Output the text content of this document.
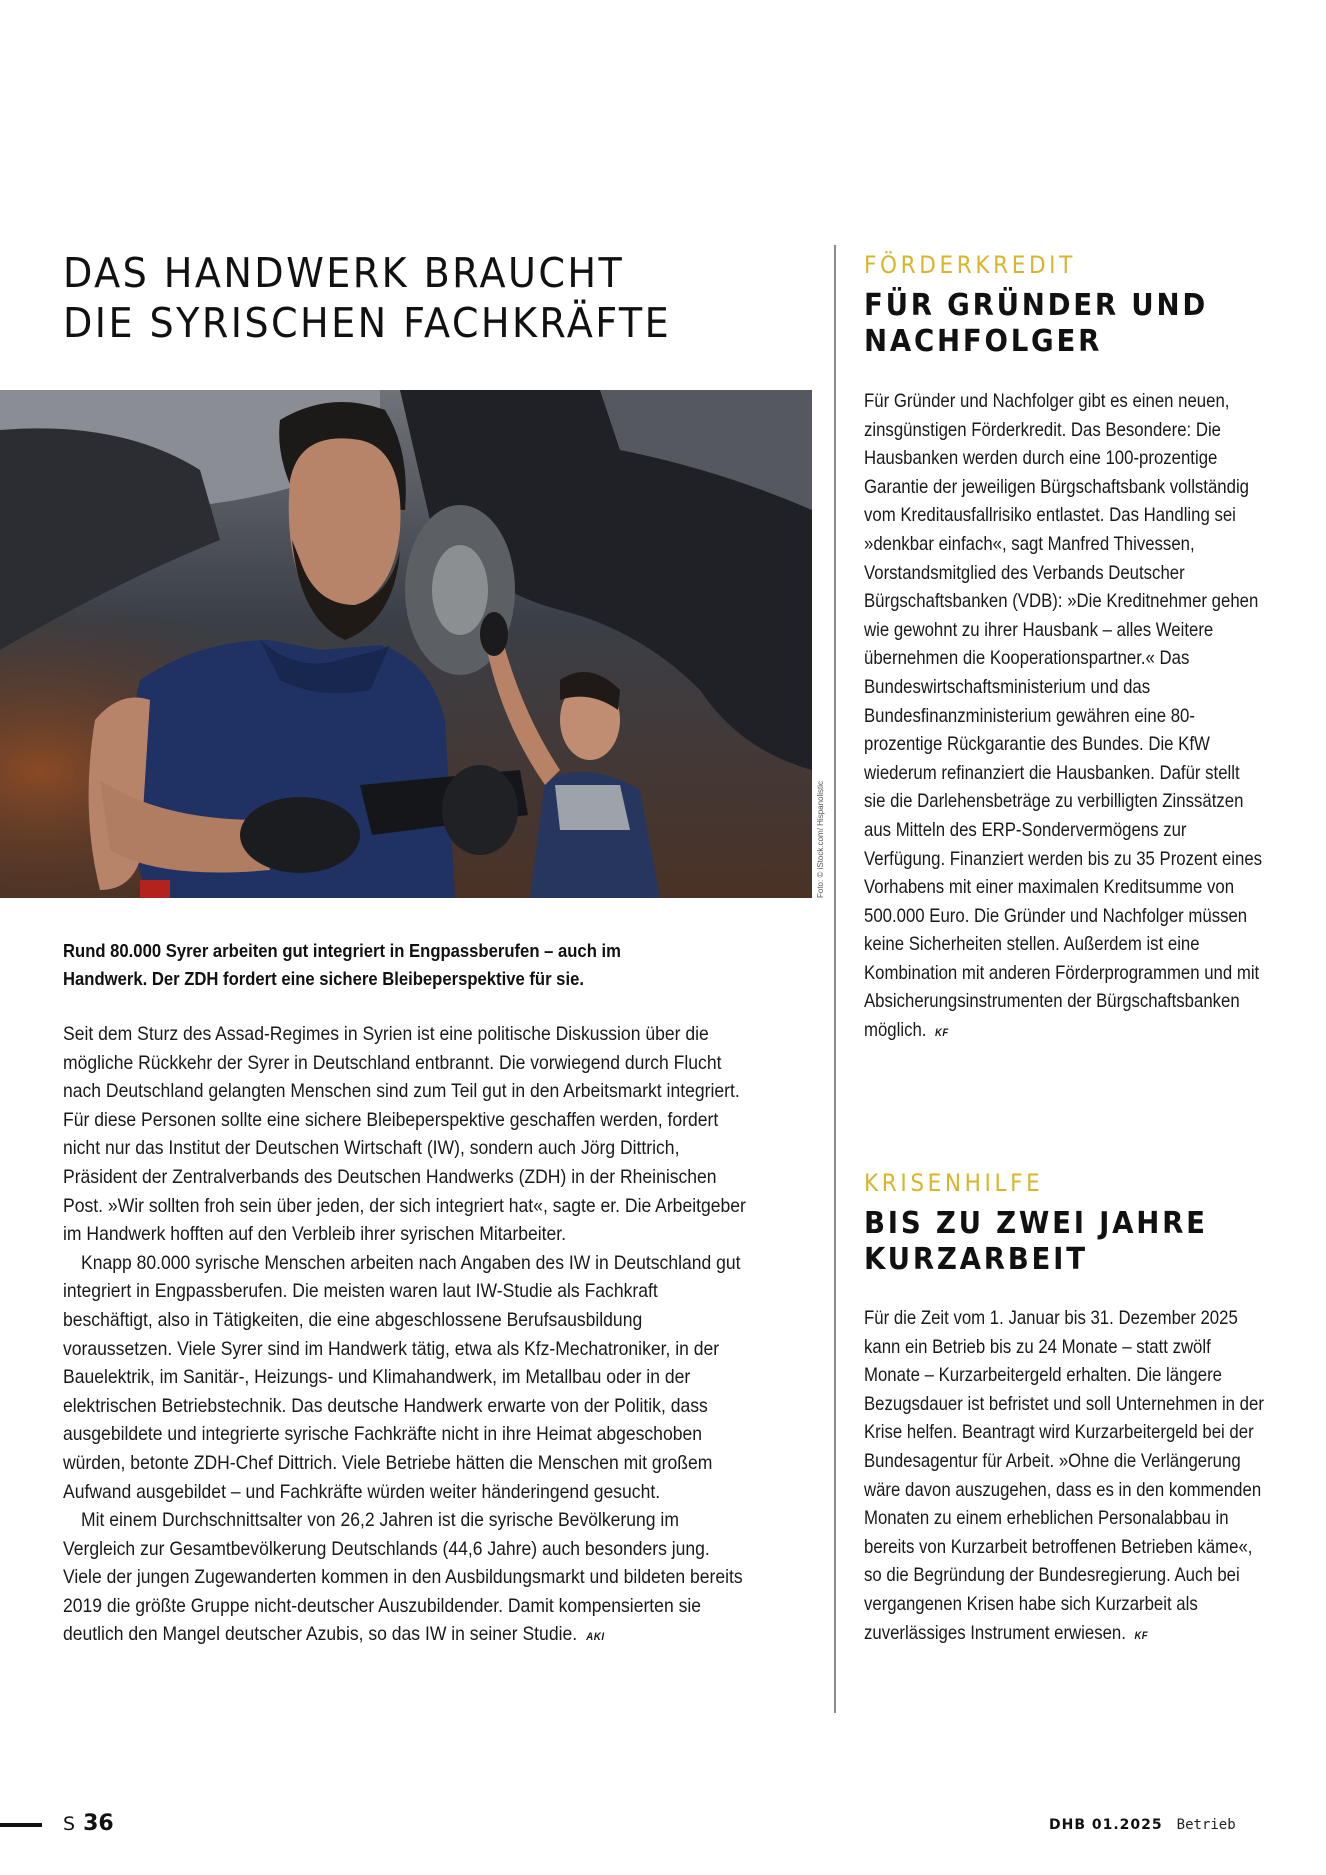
DAS HANDWERK BRAUCHT
DIE SYRISCHEN FACHKRÄFTE
Foto: © iStock.com/ Hispanolistic
Rund 80.000 Syrer arbeiten gut integriert in Engpassberufen – auch im Handwerk. Der ZDH fordert eine sichere Bleibeperspektive für sie.

Seit dem Sturz des Assad-Regimes in Syrien ist eine politische Diskussion über die mögliche Rückkehr der Syrer in Deutschland entbrannt. Die vorwiegend durch Flucht nach Deutschland gelangten Menschen sind zum Teil gut in den Arbeitsmarkt integriert. Für diese Personen sollte eine sichere Bleibeperspektive geschaffen werden, fordert nicht nur das Institut der Deutschen Wirtschaft (IW), sondern auch Jörg Dittrich, Präsident der Zentralverbands des Deutschen Handwerks (ZDH) in der Rheinischen Post. »Wir sollten froh sein über jeden, der sich integriert hat«, sagte er. Die Arbeitgeber im Handwerk hofften auf den Verbleib ihrer syrischen Mitarbeiter.

Knapp 80.000 syrische Menschen arbeiten nach Angaben des IW in Deutschland gut integriert in Engpassberufen. Die meisten waren laut IW-Studie als Fachkraft beschäftigt, also in Tätigkeiten, die eine abgeschlossene Berufsausbildung voraussetzen. Viele Syrer sind im Handwerk tätig, etwa als Kfz-Mechatroniker, in der Bauelektrik, im Sanitär-, Heizungs- und Klimahandwerk, im Metallbau oder in der elektrischen Betriebstechnik. Das deutsche Handwerk erwarte von der Politik, dass ausgebildete und integrierte syrische Fachkräfte nicht in ihre Heimat abgeschoben würden, betonte ZDH-Chef Dittrich. Viele Betriebe hätten die Menschen mit großem Aufwand ausgebildet – und Fachkräfte würden weiter händeringend gesucht.

Mit einem Durchschnittsalter von 26,2 Jahren ist die syrische Bevölkerung im Vergleich zur Gesamtbevölkerung Deutschlands (44,6 Jahre) auch besonders jung. Viele der jungen Zugewanderten kommen in den Ausbildungsmarkt und bildeten bereits 2019 die größte Gruppe nicht-deutscher Auszubildender. Damit kompensierten sie deutlich den Mangel deutscher Azubis, so das IW in seiner Studie. AKI

FÖRDERKREDIT
FÜR GRÜNDER UND
NACHFOLGER

Für Gründer und Nachfolger gibt es einen neuen, zinsgünstigen Förderkredit. Das Besondere: Die Hausbanken werden durch eine 100-prozentige Garantie der jeweiligen Bürgschaftsbank vollständig vom Kreditausfallrisiko entlastet. Das Handling sei »denkbar einfach«, sagt Manfred Thivessen, Vorstandsmitglied des Verbands Deutscher Bürgschaftsbanken (VDB): »Die Kreditnehmer gehen wie gewohnt zu ihrer Hausbank – alles Weitere übernehmen die Kooperationspartner.« Das Bundeswirtschaftsministerium und das Bundesfinanzministerium gewähren eine 80-prozentige Rückgarantie des Bundes. Die KfW wiederum refinanziert die Hausbanken. Dafür stellt sie die Darlehensbeträge zu verbilligten Zinssätzen aus Mitteln des ERP-Sondervermögens zur Verfügung. Finanziert werden bis zu 35 Prozent eines Vorhabens mit einer maximalen Kreditsumme von 500.000 Euro. Die Gründer und Nachfolger müssen keine Sicherheiten stellen. Außerdem ist eine Kombination mit anderen Förderprogrammen und mit Absicherungsinstrumenten der Bürgschaftsbanken möglich. KF

KRISENHILFE
BIS ZU ZWEI JAHRE
KURZARBEIT

Für die Zeit vom 1. Januar bis 31. Dezember 2025 kann ein Betrieb bis zu 24 Monate – statt zwölf Monate – Kurzarbeitergeld erhalten. Die längere Bezugsdauer ist befristet und soll Unternehmen in der Krise helfen. Beantragt wird Kurzarbeitergeld bei der Bundesagentur für Arbeit. »Ohne die Verlängerung wäre davon auszugehen, dass es in den kommenden Monaten zu einem erheblichen Personalabbau in bereits von Kurzarbeit betroffenen Betrieben käme«, so die Begründung der Bundesregierung. Auch bei vergangenen Krisen habe sich Kurzarbeit als zuverlässiges Instrument erwiesen. KF

S 36	DHB 01.2025 Betrieb
